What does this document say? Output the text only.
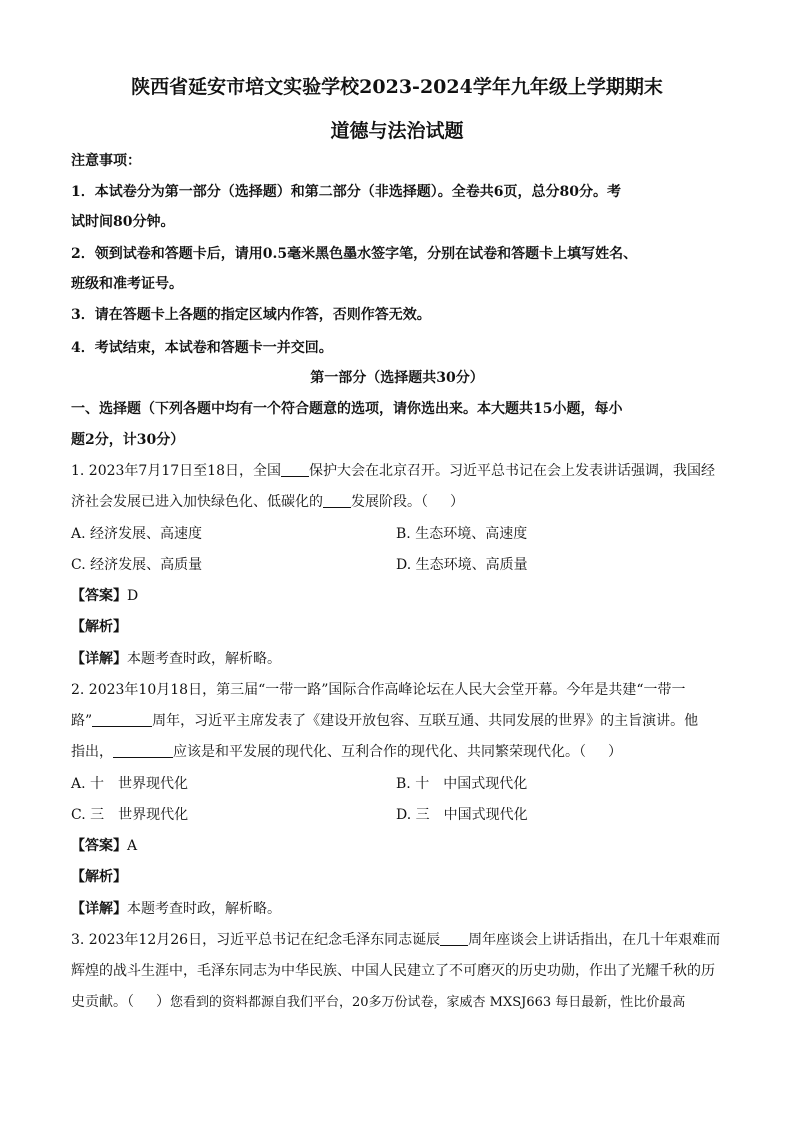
陕西省延安市培文实验学校2023-2024学年九年级上学期期末
道德与法治试题
注意事项：
1．本试卷分为第一部分（选择题）和第二部分（非选择题）。全卷共6页，总分80分。考
试时间80分钟。
2．领到试卷和答题卡后，请用0.5毫米黑色墨水签字笔，分别在试卷和答题卡上填写姓名、
班级和准考证号。
3．请在答题卡上各题的指定区域内作答，否则作答无效。
4．考试结束，本试卷和答题卡一并交回。
第一部分（选择题共30分）
一、选择题（下列各题中均有一个符合题意的选项，请你选出来。本大题共15小题，每小
题2分，计30分）
1. 2023年7月17日至18日，全国 保护大会在北京召开。习近平总书记在会上发表讲话强调，我国经
济社会发展已进入加快绿色化、低碳化的 发展阶段。（ ）
A. 经济发展、高速度	B. 生态环境、高速度
C. 经济发展、高质量	D. 生态环境、高质量
【答案】D
【解析】
【详解】本题考查时政，解析略。
2. 2023年10月18日，第三届“一带一路”国际合作高峰论坛在人民大会堂开幕。今年是共建“一带一
路”	周年，习近平主席发表了《建设开放包容、互联互通、共同发展的世界》的主旨演讲。他
指出，	应该是和平发展的现代化、互利合作的现代化、共同繁荣现代化。（ ）
A. 十　世界现代化	B. 十　中国式现代化
C. 三　世界现代化	D. 三　中国式现代化
【答案】A
【解析】
【详解】本题考查时政，解析略。
3. 2023年12月26日，习近平总书记在纪念毛泽东同志诞辰 周年座谈会上讲话指出，在几十年艰难而
辉煌的战斗生涯中，毛泽东同志为中华民族、中国人民建立了不可磨灭的历史功勋，作出了光耀千秋的历
史贡献。（ ）您看到的资料都源自我们平台，20多万份试卷，家威杏 MXSJ663 每日最新，性比价最高
